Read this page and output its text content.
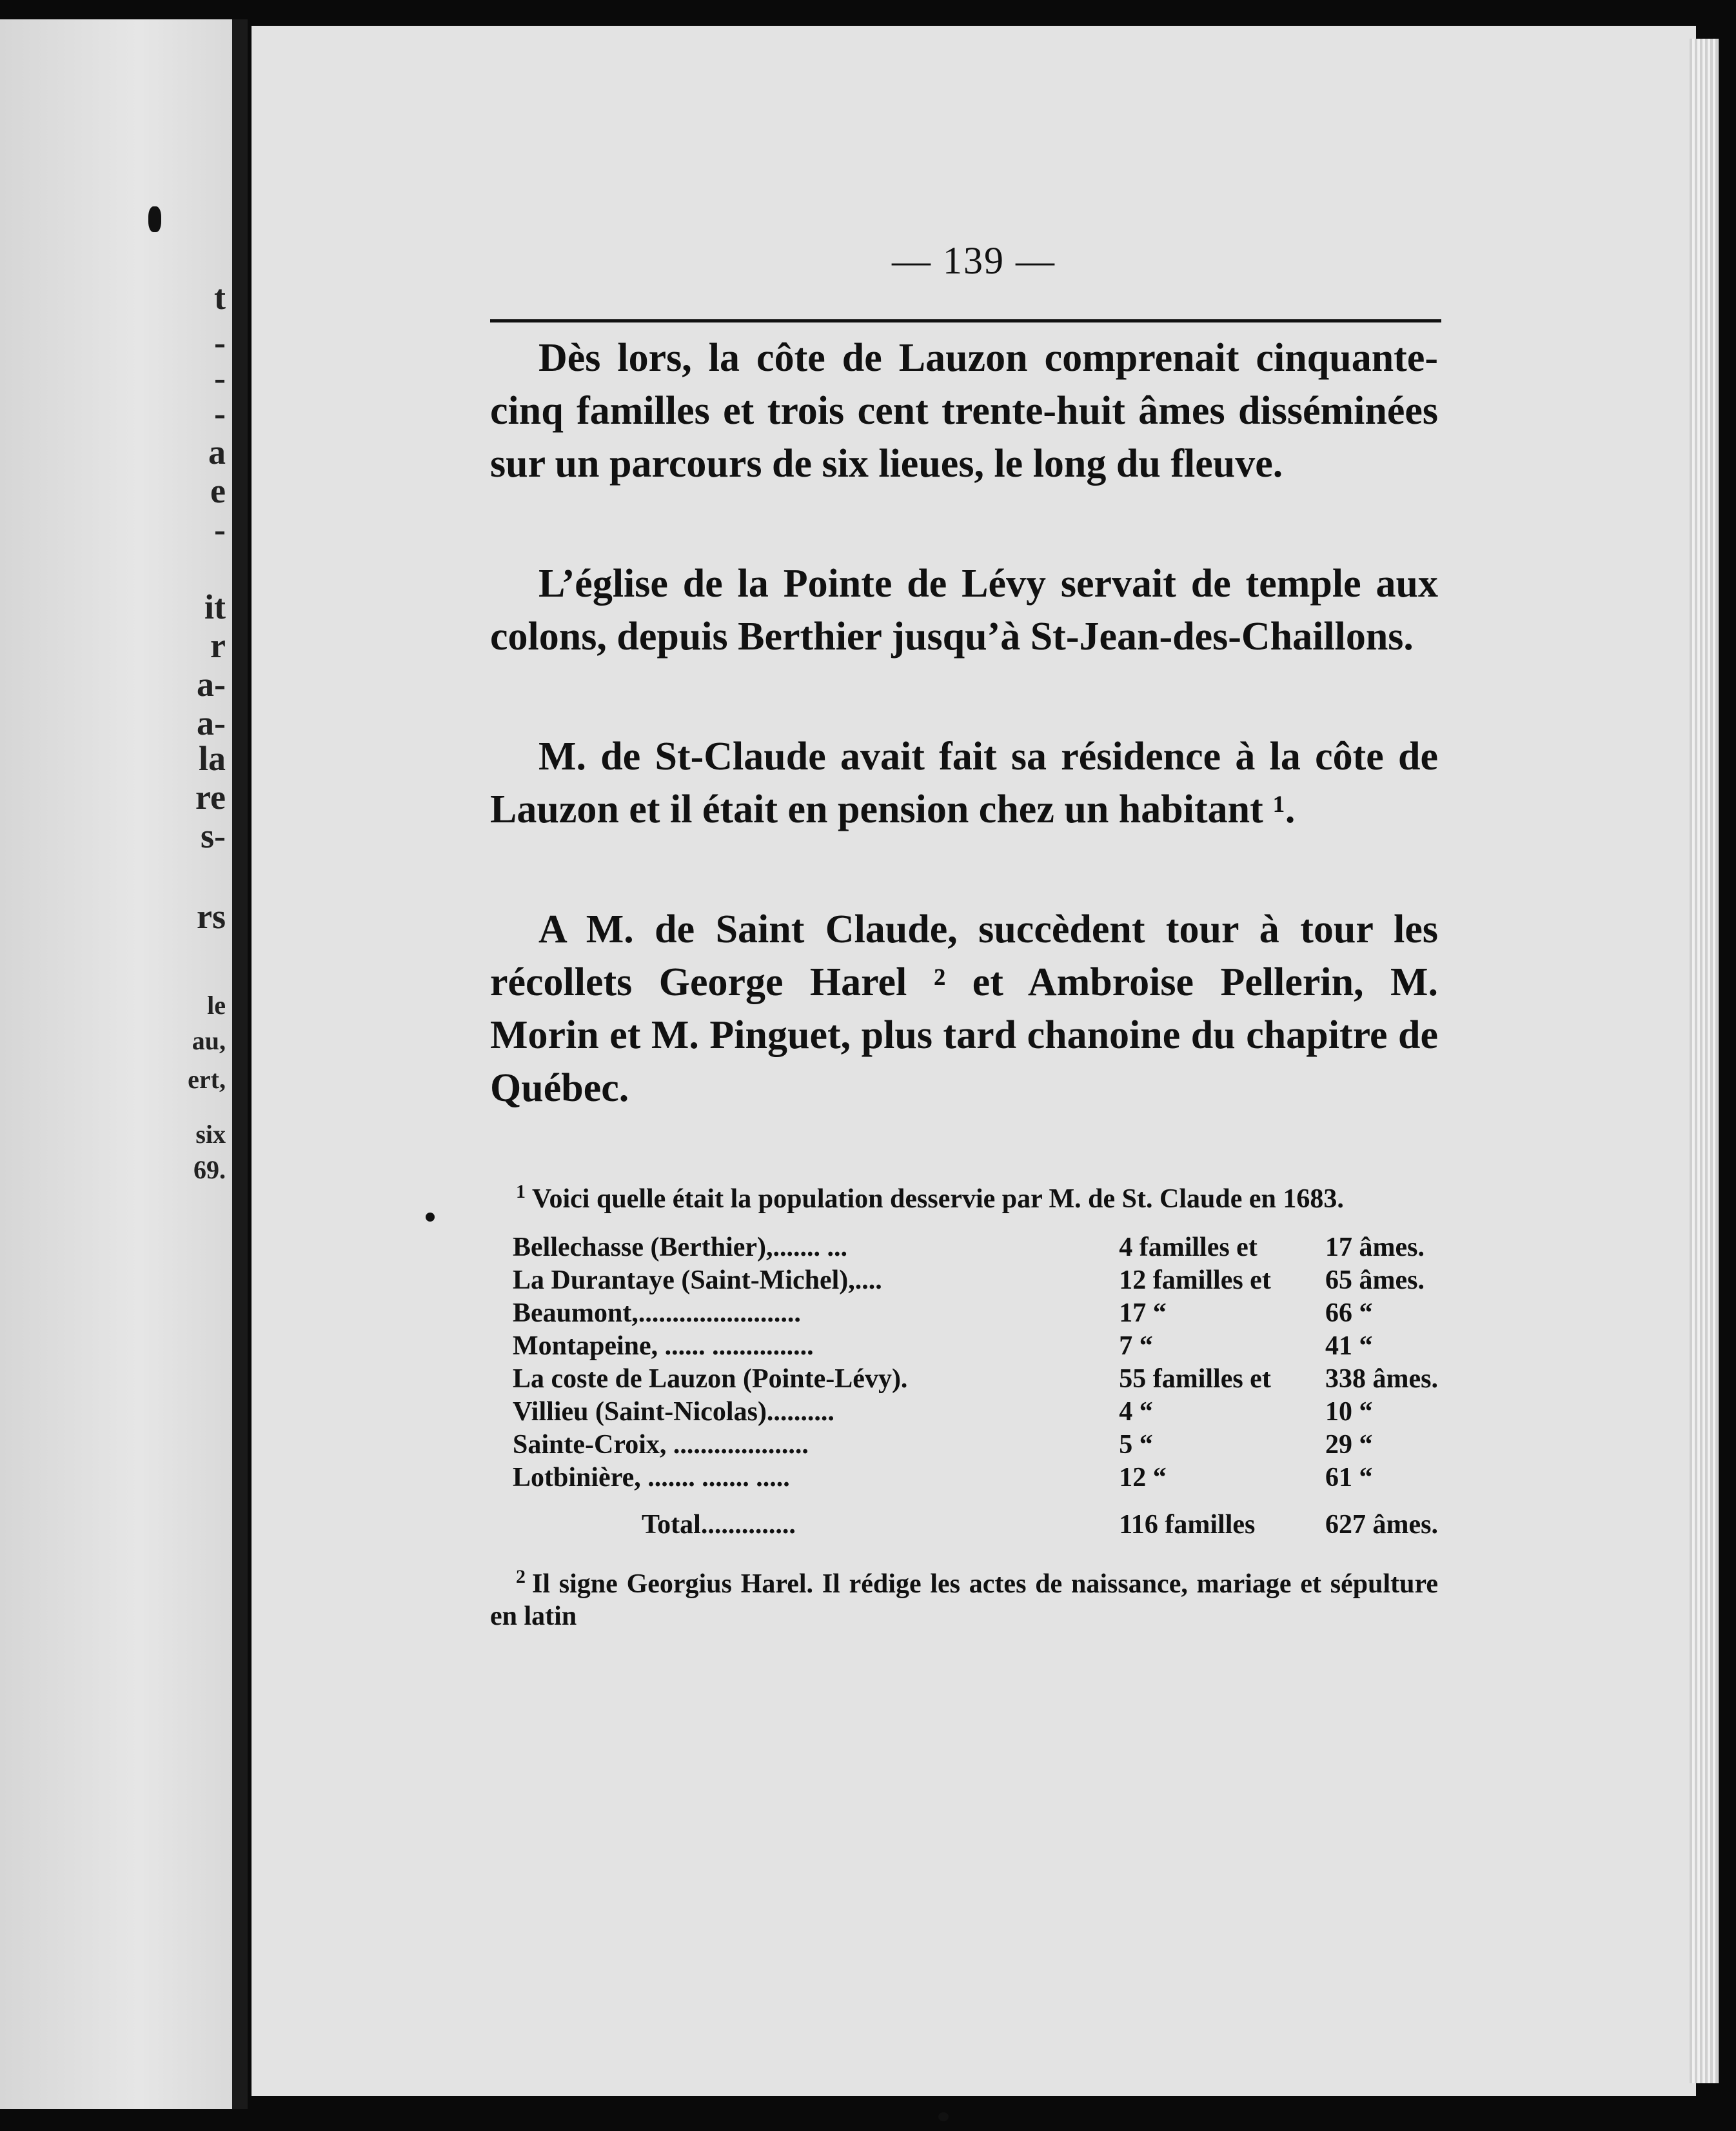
t
-
-
-
a
e
-
it
r
a-
a-
la
re
s-
rs
le
au,
ert,
six
69.
— 139 —

Dès lors, la côte de Lauzon comprenait cinquante-cinq familles et trois cent trente-huit âmes disséminées sur un parcours de six lieues, le long du fleuve.

L’église de la Pointe de Lévy servait de temple aux colons, depuis Berthier jusqu’à St-Jean-des-Chaillons.

M. de St-Claude avait fait sa résidence à la côte de Lauzon et il était en pension chez un habitant ¹.

A M. de Saint Claude, succèdent tour à tour les récollets George Harel ² et Ambroise Pellerin, M. Morin et M. Pinguet, plus tard chanoine du chapitre de Québec.

$^1$ Voici quelle était la population desservie par M. de St. Claude en 1683.

Bellechasse (Berthier),....... ...	4 familles et	17 âmes.
La Durantaye (Saint-Michel),....	12 familles et	65 âmes.
Beaumont,........................	17 “	66 “
Montapeine, ...... ...............	7 “	41 “
La coste de Lauzon (Pointe-Lévy).	55 familles et	338 âmes.
Villieu (Saint-Nicolas)..........	4 “	10 “
Sainte-Croix, ....................	5 “	29 “
Lotbinière, ....... ....... .....	12 “	61 “
Total..............	116 familles	627 âmes.

$^2$ Il signe Georgius Harel. Il rédige les actes de naissance, mariage et sépulture en latin
